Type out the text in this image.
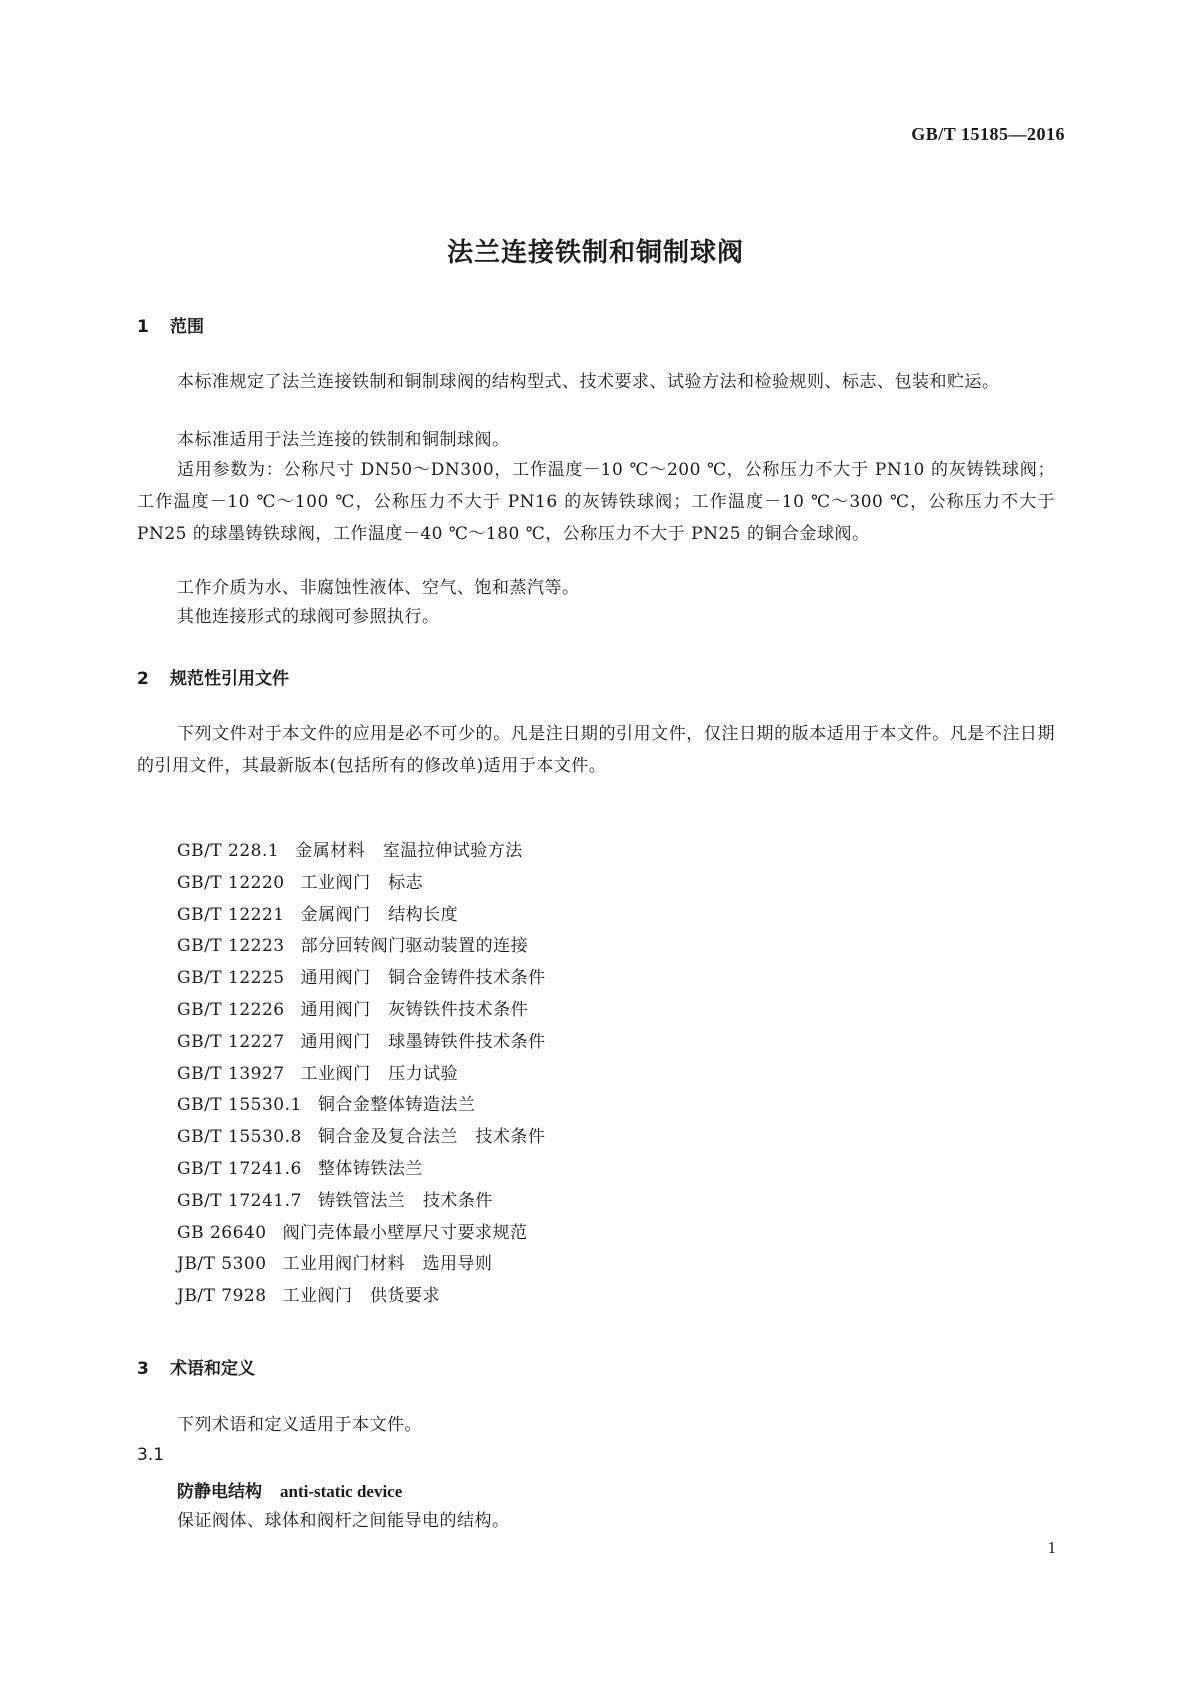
GB/T 15185—2016
法兰连接铁制和铜制球阀
1 范围
本标准规定了法兰连接铁制和铜制球阀的结构型式、技术要求、试验方法和检验规则、标志、包装和贮运。
本标准适用于法兰连接的铁制和铜制球阀。
适用参数为：公称尺寸 DN50～DN300，工作温度－10 ℃～200 ℃，公称压力不大于 PN10 的灰铸铁球阀；工作温度－10 ℃～100 ℃，公称压力不大于 PN16 的灰铸铁球阀；工作温度－10 ℃～300 ℃，公称压力不大于 PN25 的球墨铸铁球阀，工作温度－40 ℃～180 ℃，公称压力不大于 PN25 的铜合金球阀。
工作介质为水、非腐蚀性液体、空气、饱和蒸汽等。
其他连接形式的球阀可参照执行。
2 规范性引用文件
下列文件对于本文件的应用是必不可少的。凡是注日期的引用文件，仅注日期的版本适用于本文件。凡是不注日期的引用文件，其最新版本(包括所有的修改单)适用于本文件。
GB/T 228.1 金属材料　室温拉伸试验方法
GB/T 12220 工业阀门　标志
GB/T 12221 金属阀门　结构长度
GB/T 12223 部分回转阀门驱动装置的连接
GB/T 12225 通用阀门　铜合金铸件技术条件
GB/T 12226 通用阀门　灰铸铁件技术条件
GB/T 12227 通用阀门　球墨铸铁件技术条件
GB/T 13927 工业阀门　压力试验
GB/T 15530.1 铜合金整体铸造法兰
GB/T 15530.8 铜合金及复合法兰　技术条件
GB/T 17241.6 整体铸铁法兰
GB/T 17241.7 铸铁管法兰　技术条件
GB 26640 阀门壳体最小壁厚尺寸要求规范
JB/T 5300 工业用阀门材料　选用导则
JB/T 7928 工业阀门　供货要求
3 术语和定义
下列术语和定义适用于本文件。
3.1
防静电结构 anti-static device
保证阀体、球体和阀杆之间能导电的结构。
1
